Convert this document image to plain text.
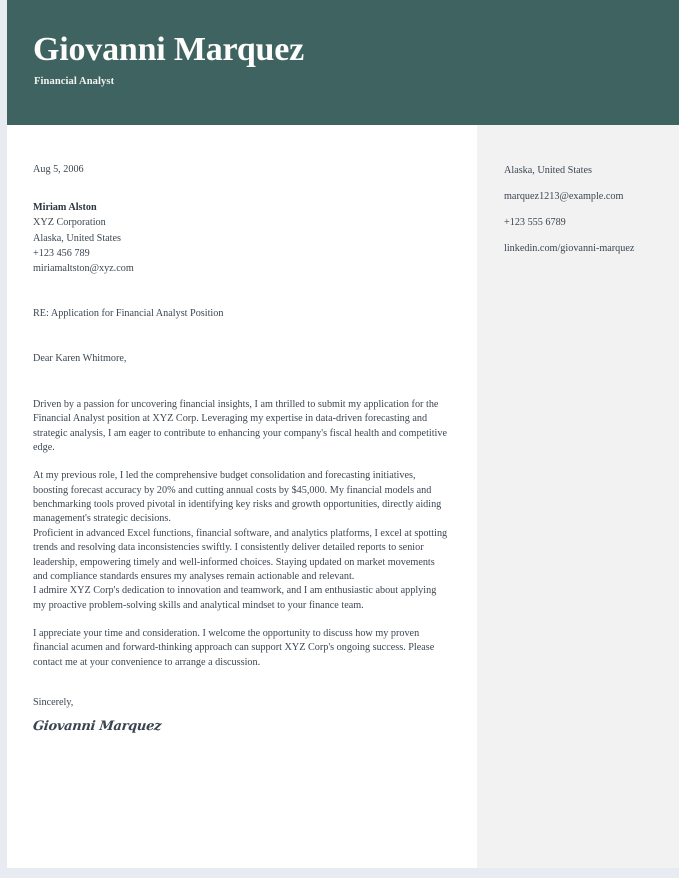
Giovanni Marquez
Financial Analyst
Aug 5, 2006
Miriam Alston
XYZ Corporation
Alaska, United States
+123 456 789
miriamaltston@xyz.com
RE: Application for Financial Analyst Position
Dear Karen Whitmore,
Driven by a passion for uncovering financial insights, I am thrilled to submit my application for the Financial Analyst position at XYZ Corp. Leveraging my expertise in data-driven forecasting and strategic analysis, I am eager to contribute to enhancing your company's fiscal health and competitive edge.
At my previous role, I led the comprehensive budget consolidation and forecasting initiatives, boosting forecast accuracy by 20% and cutting annual costs by $45,000. My financial models and benchmarking tools proved pivotal in identifying key risks and growth opportunities, directly aiding management's strategic decisions.
Proficient in advanced Excel functions, financial software, and analytics platforms, I excel at spotting trends and resolving data inconsistencies swiftly. I consistently deliver detailed reports to senior leadership, empowering timely and well-informed choices. Staying updated on market movements and compliance standards ensures my analyses remain actionable and relevant.
I admire XYZ Corp's dedication to innovation and teamwork, and I am enthusiastic about applying my proactive problem-solving skills and analytical mindset to your finance team.
I appreciate your time and consideration. I welcome the opportunity to discuss how my proven financial acumen and forward-thinking approach can support XYZ Corp's ongoing success. Please contact me at your convenience to arrange a discussion.
Sincerely,
Giovanni Marquez
Alaska, United States
marquez1213@example.com
+123 555 6789
linkedin.com/giovanni-marquez
